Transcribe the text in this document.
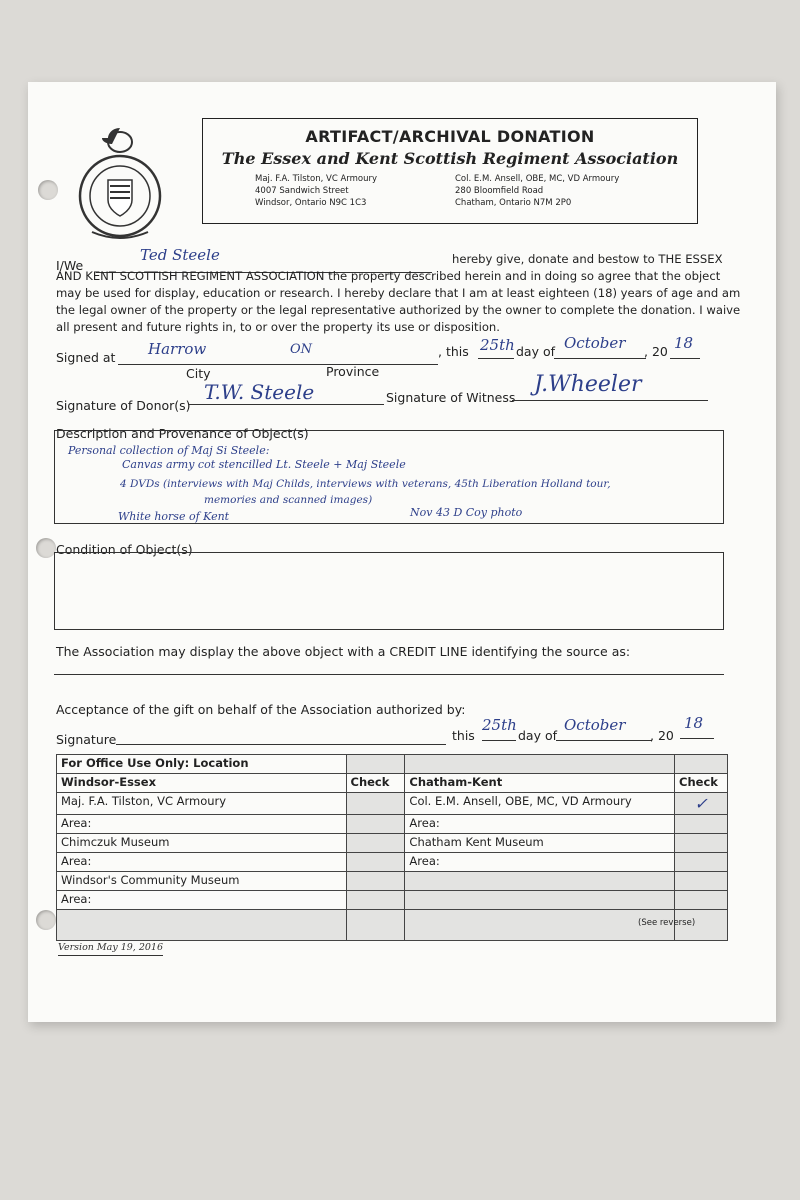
ARTIFACT/ARCHIVAL DONATION
The Essex and Kent Scottish Regiment Association
Maj. F.A. Tilston, VC Armoury
4007 Sandwich Street
Windsor, Ontario N9C 1C3
Col. E.M. Ansell, OBE, MC, VD Armoury
280 Bloomfield Road
Chatham, Ontario N7M 2P0
I/We
Ted Steele	hereby give, donate and bestow to THE ESSEX
AND KENT SCOTTISH REGIMENT ASSOCIATION the property described herein and in doing so agree that the object may be used for display, education or research. I hereby declare that I am at least eighteen (18) years of age and am the legal owner of the property or the legal representative authorized by the owner to complete the donation. I waive all present and future rights in, to or over the property its use or disposition.
Signed at Harrow	ON	, this 25th day of October , 20 18
City	Province
Signature of Donor(s)
T.W. Steele	Signature of Witness
J.Wheeler
Description and Provenance of Object(s)
Personal collection of Maj Si Steele:
Canvas army cot stencilled Lt. Steele + Maj Steele
4 DVDs (interviews with Maj Childs, interviews with veterans, 45th Liberation Holland tour,
memories and scanned images)
White horse of Kent	Nov 43 D Coy photo
Condition of Object(s)
The Association may display the above object with a CREDIT LINE identifying the source as:
Acceptance of the gift on behalf of the Association authorized by:
Signature	this
25th
day of
October
, 20
18
For Office Use Only: Location			
Windsor-Essex	Check	Chatham-Kent	Check
Maj. F.A. Tilston, VC Armoury		Col. E.M. Ansell, OBE, MC, VD Armoury	✓
Area:		Area:	
Chimczuk Museum		Chatham Kent Museum	
Area:		Area:	
Windsor's Community Museum			
Area:			

(See reverse)
Version May 19, 2016
